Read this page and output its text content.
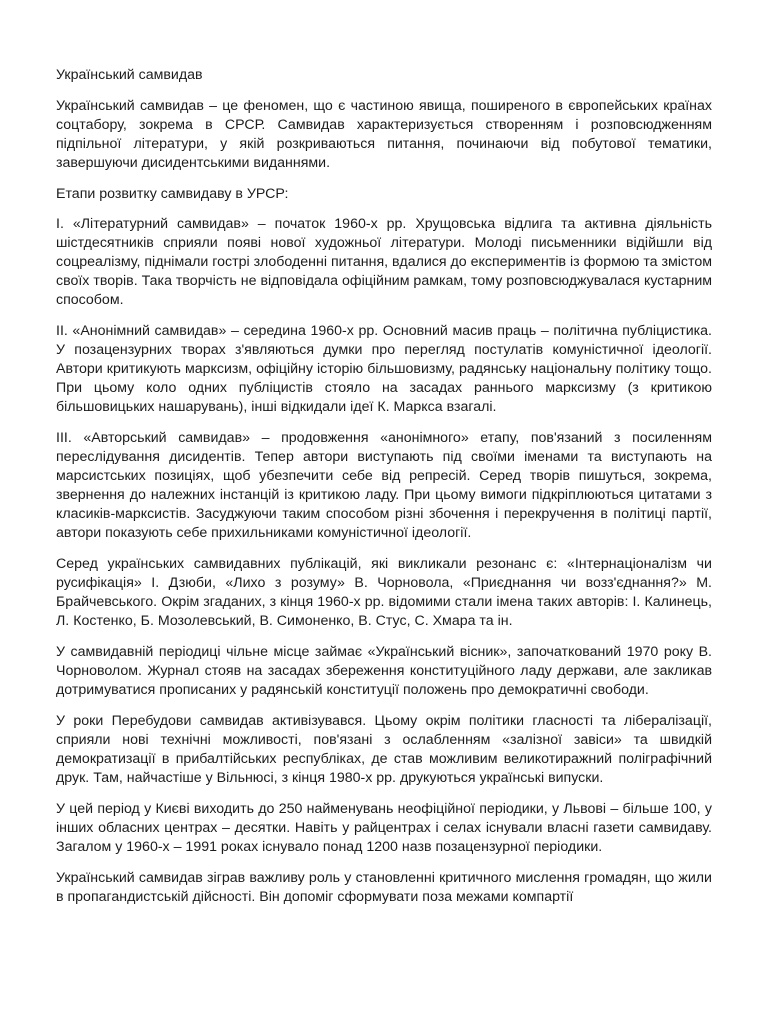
Український самвидав

Український самвидав – це феномен, що є частиною явища, поширеного в європейських країнах соцтабору, зокрема в СРСР. Самвидав характеризується створенням і розповсюдженням підпільної літератури, у якій розкриваються питання, починаючи від побутової тематики, завершуючи дисидентськими виданнями.

Етапи розвитку самвидаву в УРСР:

І. «Літературний самвидав» – початок 1960-х рр. Хрущовська відлига та активна діяльність шістдесятників сприяли появі нової художньої літератури. Молоді письменники відійшли від соцреалізму, піднімали гострі злободенні питання, вдалися до експериментів із формою та змістом своїх творів. Така творчість не відповідала офіційним рамкам, тому розповсюджувалася кустарним способом.

ІІ. «Анонімний самвидав» – середина 1960-х рр. Основний масив праць – політична публіцистика. У позацензурних творах з'являються думки про перегляд постулатів комуністичної ідеології. Автори критикують марксизм, офіційну історію більшовизму, радянську національну політику тощо. При цьому коло одних публіцистів стояло на засадах раннього марксизму (з критикою більшовицьких нашарувань), інші відкидали ідеї К. Маркса взагалі.

ІІІ. «Авторський самвидав» – продовження «анонімного» етапу, пов'язаний з посиленням переслідування дисидентів. Тепер автори виступають під своїми іменами та виступають на марсистських позиціях, щоб убезпечити себе від репресій. Серед творів пишуться, зокрема, звернення до належних інстанцій із критикою ладу. При цьому вимоги підкріплюються цитатами з класиків-марксистів. Засуджуючи таким способом різні збочення і перекручення в політиці партії, автори показують себе прихильниками комуністичної ідеології.

Серед українських самвидавних публікацій, які викликали резонанс є: «Інтернаціоналізм чи русифікація» І. Дзюби, «Лихо з розуму» В. Чорновола, «Приєднання чи возз'єднання?» М. Брайчевського. Окрім згаданих, з кінця 1960-х рр. відомими стали імена таких авторів: І. Калинець, Л. Костенко, Б. Мозолевський, В. Симоненко, В. Стус, С. Хмара та ін.

У самвидавній періодиці чільне місце займає «Український вісник», започаткований 1970 року В. Чорноволом. Журнал стояв на засадах збереження конституційного ладу держави, але закликав дотримуватися прописаних у радянській конституції положень про демократичні свободи.

У роки Перебудови самвидав активізувався. Цьому окрім політики гласності та лібералізації, сприяли нові технічні можливості, пов'язані з ослабленням «залізної завіси» та швидкій демократизації в прибалтійських республіках, де став можливим великотиражний поліграфічний друк. Там, найчастіше у Вільнюсі, з кінця 1980-х рр. друкуються українські випуски.

У цей період у Києві виходить до 250 найменувань неофіційної періодики, у Львові – більше 100, у інших обласних центрах – десятки. Навіть у райцентрах і селах існували власні газети самвидаву. Загалом у 1960-х – 1991 роках існувало понад 1200 назв позацензурної періодики.

Український самвидав зіграв важливу роль у становленні критичного мислення громадян, що жили в пропагандистській дійсності. Він допоміг сформувати поза межами компартії
